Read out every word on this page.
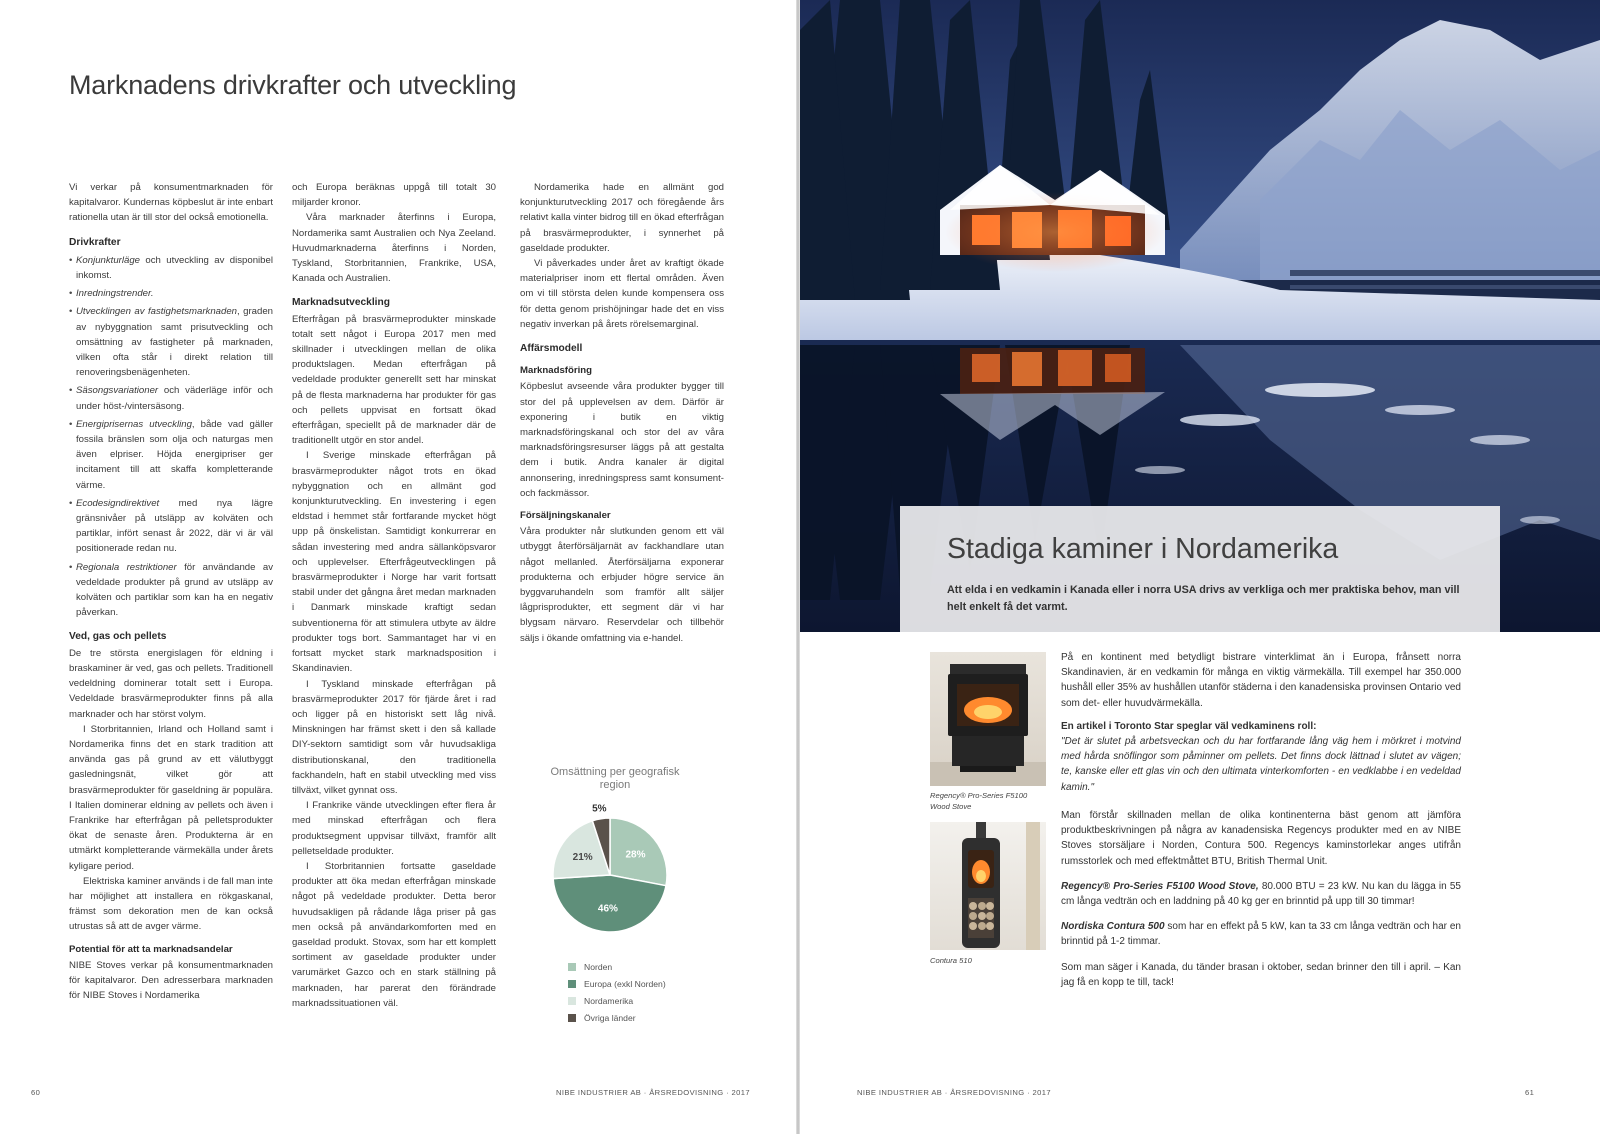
Marknadens drivkrafter och utveckling

Vi verkar på konsumentmarknaden för kapitalvaror. Kundernas köpbeslut är inte enbart rationella utan är till stor del också emotionella.

Drivkrafter
• Konjunkturläge och utveckling av disponibel inkomst.
• Inredningstrender.
• Utvecklingen av fastighetsmarknaden, graden av nybyggnation samt prisutveckling och omsättning av fastigheter på marknaden, vilken ofta står i direkt relation till renoveringsbenägenheten.
• Säsongsvariationer och väderläge inför och under höst-/vintersäsong.
• Energiprisernas utveckling, både vad gäller fossila bränslen som olja och naturgas men även elpriser. Höjda energipriser ger incitament till att skaffa kompletterande värme.
• Ecodesigndirektivet med nya lägre gränsnivåer på utsläpp av kolväten och partiklar, infört senast år 2022, där vi är väl positionerade redan nu.
• Regionala restriktioner för användande av vedeldade produkter på grund av utsläpp av kolväten och partiklar som kan ha en negativ påverkan.
Ved, gas och pellets

De tre största energislagen för eldning i braskaminer är ved, gas och pellets. Traditionell vedeldning dominerar totalt sett i Europa. Vedeldade brasvärmeprodukter finns på alla marknader och har störst volym.

I Storbritannien, Irland och Holland samt i Nordamerika finns det en stark tradition att använda gas på grund av ett välutbyggt gasledningsnät, vilket gör att brasvärmeprodukter för gaseldning är populära. I Italien dominerar eldning av pellets och även i Frankrike har efterfrågan på pelletsprodukter ökat de senaste åren. Produkterna är en utmärkt kompletterande värmekälla under årets kyligare period.

Elektriska kaminer används i de fall man inte har möjlighet att installera en rökgaskanal, främst som dekoration men de kan också utrustas så att de avger värme.

Potential för att ta marknadsandelar

NIBE Stoves verkar på konsumentmarknaden för kapitalvaror. Den adresserbara marknaden för NIBE Stoves i Nordamerika

och Europa beräknas uppgå till totalt 30 miljarder kronor.

Våra marknader återfinns i Europa, Nordamerika samt Australien och Nya Zeeland. Huvudmarknaderna återfinns i Norden, Tyskland, Storbritannien, Frankrike, USA, Kanada och Australien.

Marknadsutveckling

Efterfrågan på brasvärmeprodukter minskade totalt sett något i Europa 2017 men med skillnader i utvecklingen mellan de olika produktslagen. Medan efterfrågan på vedeldade produkter generellt sett har minskat på de flesta marknaderna har produkter för gas och pellets uppvisat en fortsatt ökad efterfrågan, speciellt på de marknader där de traditionellt utgör en stor andel.

I Sverige minskade efterfrågan på brasvärmeprodukter något trots en ökad nybyggnation och en allmänt god konjunkturutveckling. En investering i egen eldstad i hemmet står fortfarande mycket högt upp på önskelistan. Samtidigt konkurrerar en sådan investering med andra sällanköpsvaror och upplevelser. Efterfrågeutvecklingen på brasvärmeprodukter i Norge har varit fortsatt stabil under det gångna året medan marknaden i Danmark minskade kraftigt sedan subventionerna för att stimulera utbyte av äldre produkter togs bort. Sammantaget har vi en fortsatt mycket stark marknadsposition i Skandinavien.

I Tyskland minskade efterfrågan på brasvärmeprodukter 2017 för fjärde året i rad och ligger på en historiskt sett låg nivå. Minskningen har främst skett i den så kallade DIY-sektorn samtidigt som vår huvudsakliga distributionskanal, den traditionella fackhandeln, haft en stabil utveckling med viss tillväxt, vilket gynnat oss.

I Frankrike vände utvecklingen efter flera år med minskad efterfrågan och flera produktsegment uppvisar tillväxt, framför allt pelletseldade produkter.

I Storbritannien fortsatte gaseldade produkter att öka medan efterfrågan minskade något på vedeldade produkter. Detta beror huvudsakligen på rådande låga priser på gas men också på användarkomforten med en gaseldad produkt. Stovax, som har ett komplett sortiment av gaseldade produkter under varumärket Gazco och en stark ställning på marknaden, har parerat den förändrade marknadssituationen väl.

Nordamerika hade en allmänt god konjunkturutveckling 2017 och föregående års relativt kalla vinter bidrog till en ökad efterfrågan på brasvärmeprodukter, i synnerhet på gaseldade produkter.

Vi påverkades under året av kraftigt ökade materialpriser inom ett flertal områden. Även om vi till största delen kunde kompensera oss för detta genom prishöjningar hade det en viss negativ inverkan på årets rörelsemarginal.

Affärsmodell
Marknadsföring

Köpbeslut avseende våra produkter bygger till stor del på upplevelsen av dem. Därför är exponering i butik en viktig marknadsföringskanal och stor del av våra marknadsföringsresurser läggs på att gestalta dem i butik. Andra kanaler är digital annonsering, inredningspress samt konsument- och fackmässor.

Försäljningskanaler

Våra produkter når slutkunden genom ett väl utbyggt återförsäljarnät av fackhandlare utan något mellanled. Återförsäljarna exponerar produkterna och erbjuder högre service än byggvaruhandeln som framför allt säljer lågprisprodukter, ett segment där vi har blygsam närvaro. Reservdelar och tillbehör säljs i ökande omfattning via e-handel.

Omsättning per geografisk region
28%
46%
21%
5%
Norden
Europa (exkl Norden)
Nordamerika
Övriga länder
60	NIBE INDUSTRIER AB · ÅRSREDOVISNING · 2017
Stadiga kaminer i Nordamerika
Att elda i en vedkamin i Kanada eller i norra USA drivs av verkliga och mer praktiska behov, man vill helt enkelt få det varmt.
Regency® Pro-Series F5100 Wood Stove
Contura 510

På en kontinent med betydligt bistrare vinterklimat än i Europa, frånsett norra Skandinavien, är en vedkamin för många en viktig värmekälla. Till exempel har 350.000 hushåll eller 35% av hushållen utanför städerna i den kanadensiska provinsen Ontario ved som det- eller huvudvärmekälla.

En artikel i Toronto Star speglar väl vedkaminens roll:

"Det är slutet på arbetsveckan och du har fortfarande lång väg hem i mörkret i motvind med hårda snöflingor som påminner om pellets. Det finns dock lättnad i slutet av vägen; te, kanske eller ett glas vin och den ultimata vinterkomforten - en vedklabbe i en vedeldad kamin."

Man förstår skillnaden mellan de olika kontinenterna bäst genom att jämföra produktbeskrivningen på några av kanadensiska Regencys produkter med en av NIBE Stoves storsäljare i Norden, Contura 500. Regencys kaminstorlekar anges utifrån rumsstorlek och med effektmåttet BTU, British Thermal Unit.

Regency® Pro-Series F5100 Wood Stove, 80.000 BTU = 23 kW. Nu kan du lägga in 55 cm långa vedträn och en laddning på 40 kg ger en brinntid på upp till 30 timmar!

Nordiska Contura 500 som har en effekt på 5 kW, kan ta 33 cm långa vedträn och har en brinntid på 1-2 timmar.

Som man säger i Kanada, du tänder brasan i oktober, sedan brinner den till i april. – Kan jag få en kopp te till, tack!

NIBE INDUSTRIER AB · ÅRSREDOVISNING · 2017	61
